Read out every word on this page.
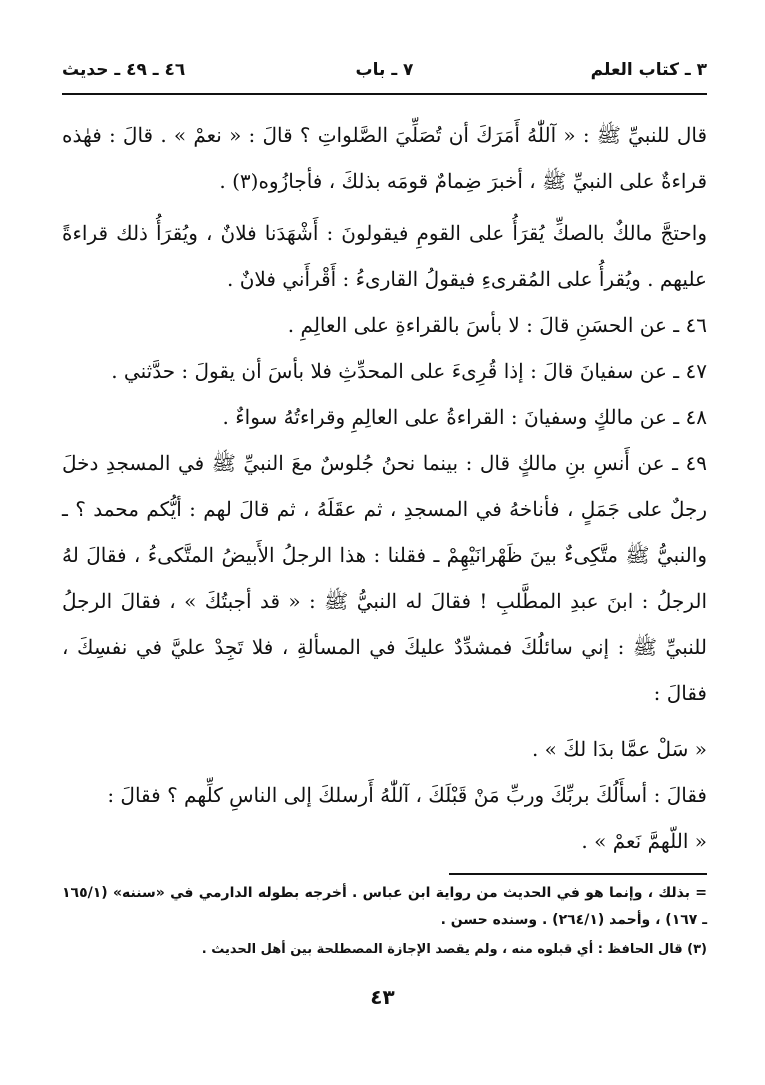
٣ ـ كتاب العلم
٧ ـ باب
٤٦ ـ ٤٩ ـ حديث

قال للنبيِّ ﷺ : « آللّٰهُ أَمَرَكَ أن تُصَلِّيَ الصَّلواتِ ؟ قالَ : « نعمْ » . قالَ : فهٰذه قراءةٌ على النبيِّ ﷺ ، أخبرَ ضِمامٌ قومَه بذلكَ ، فأجازُوه(٣) .

واحتجَّ مالكٌ بالصكِّ يُقرَأُ على القومِ فيقولونَ : أَشْهَدَنا فلانٌ ، ويُقرَأُ ذلك قراءةً عليهم . ويُقرأُ على المُقرىءِ فيقولُ القارىءُ : أَقْرأَني فلانٌ .

٤٦ ـ عن الحسَنِ قالَ : لا بأسَ بالقراءةِ على العالِمِ .

٤٧ ـ عن سفيانَ قالَ : إذا قُرِىءَ على المحدِّثِ فلا بأسَ أن يقولَ : حدَّثني .

٤٨ ـ عن مالكٍ وسفيانَ : القراءةُ على العالِمِ وقراءتُهُ سواءٌ .

٤٩ ـ عن أَنسِ بنِ مالكٍ قال : بينما نحنُ جُلوسٌ معَ النبيِّ ﷺ في المسجدِ دخلَ رجلٌ على جَمَلٍ ، فأناخهُ في المسجدِ ، ثم عقَلَهُ ، ثم قالَ لهم : أيُّكم محمد ؟ ـ والنبيُّ ﷺ متَّكِىءٌ بينَ ظَهْرانَيْهِمْ ـ فقلنا : هذا الرجلُ الأَبيضُ المتَّكىءُ ، فقالَ لهُ الرجلُ : ابنَ عبدِ المطَّلبِ ! فقالَ له النبيُّ ﷺ : « قد أجبتُكَ » ، فقالَ الرجلُ للنبيِّ ﷺ : إني سائلُكَ فمشدِّدٌ عليكَ في المسألةِ ، فلا تَجِدْ عليَّ في نفسِكَ ، فقالَ :

« سَلْ عمَّا بدَا لكَ » .

فقالَ : أسأَلُكَ بربِّكَ وربِّ مَنْ قَبْلَكَ ، آللّٰهُ أَرسلكَ إلى الناسِ كلِّهم ؟ فقالَ :

« اللّهمَّ نَعمْ » .

= بذلك ، وإنما هو في الحديث من رواية ابن عباس . أخرجه بطوله الدارمي في «سننه» (١٦٥/١ ـ ١٦٧) ، وأحمد (٢٦٤/١) . وسنده حسن .

(٣) قال الحافظ : أي قبلوه منه ، ولم يقصد الإجازة المصطلحة بين أهل الحديث .

٤٣
